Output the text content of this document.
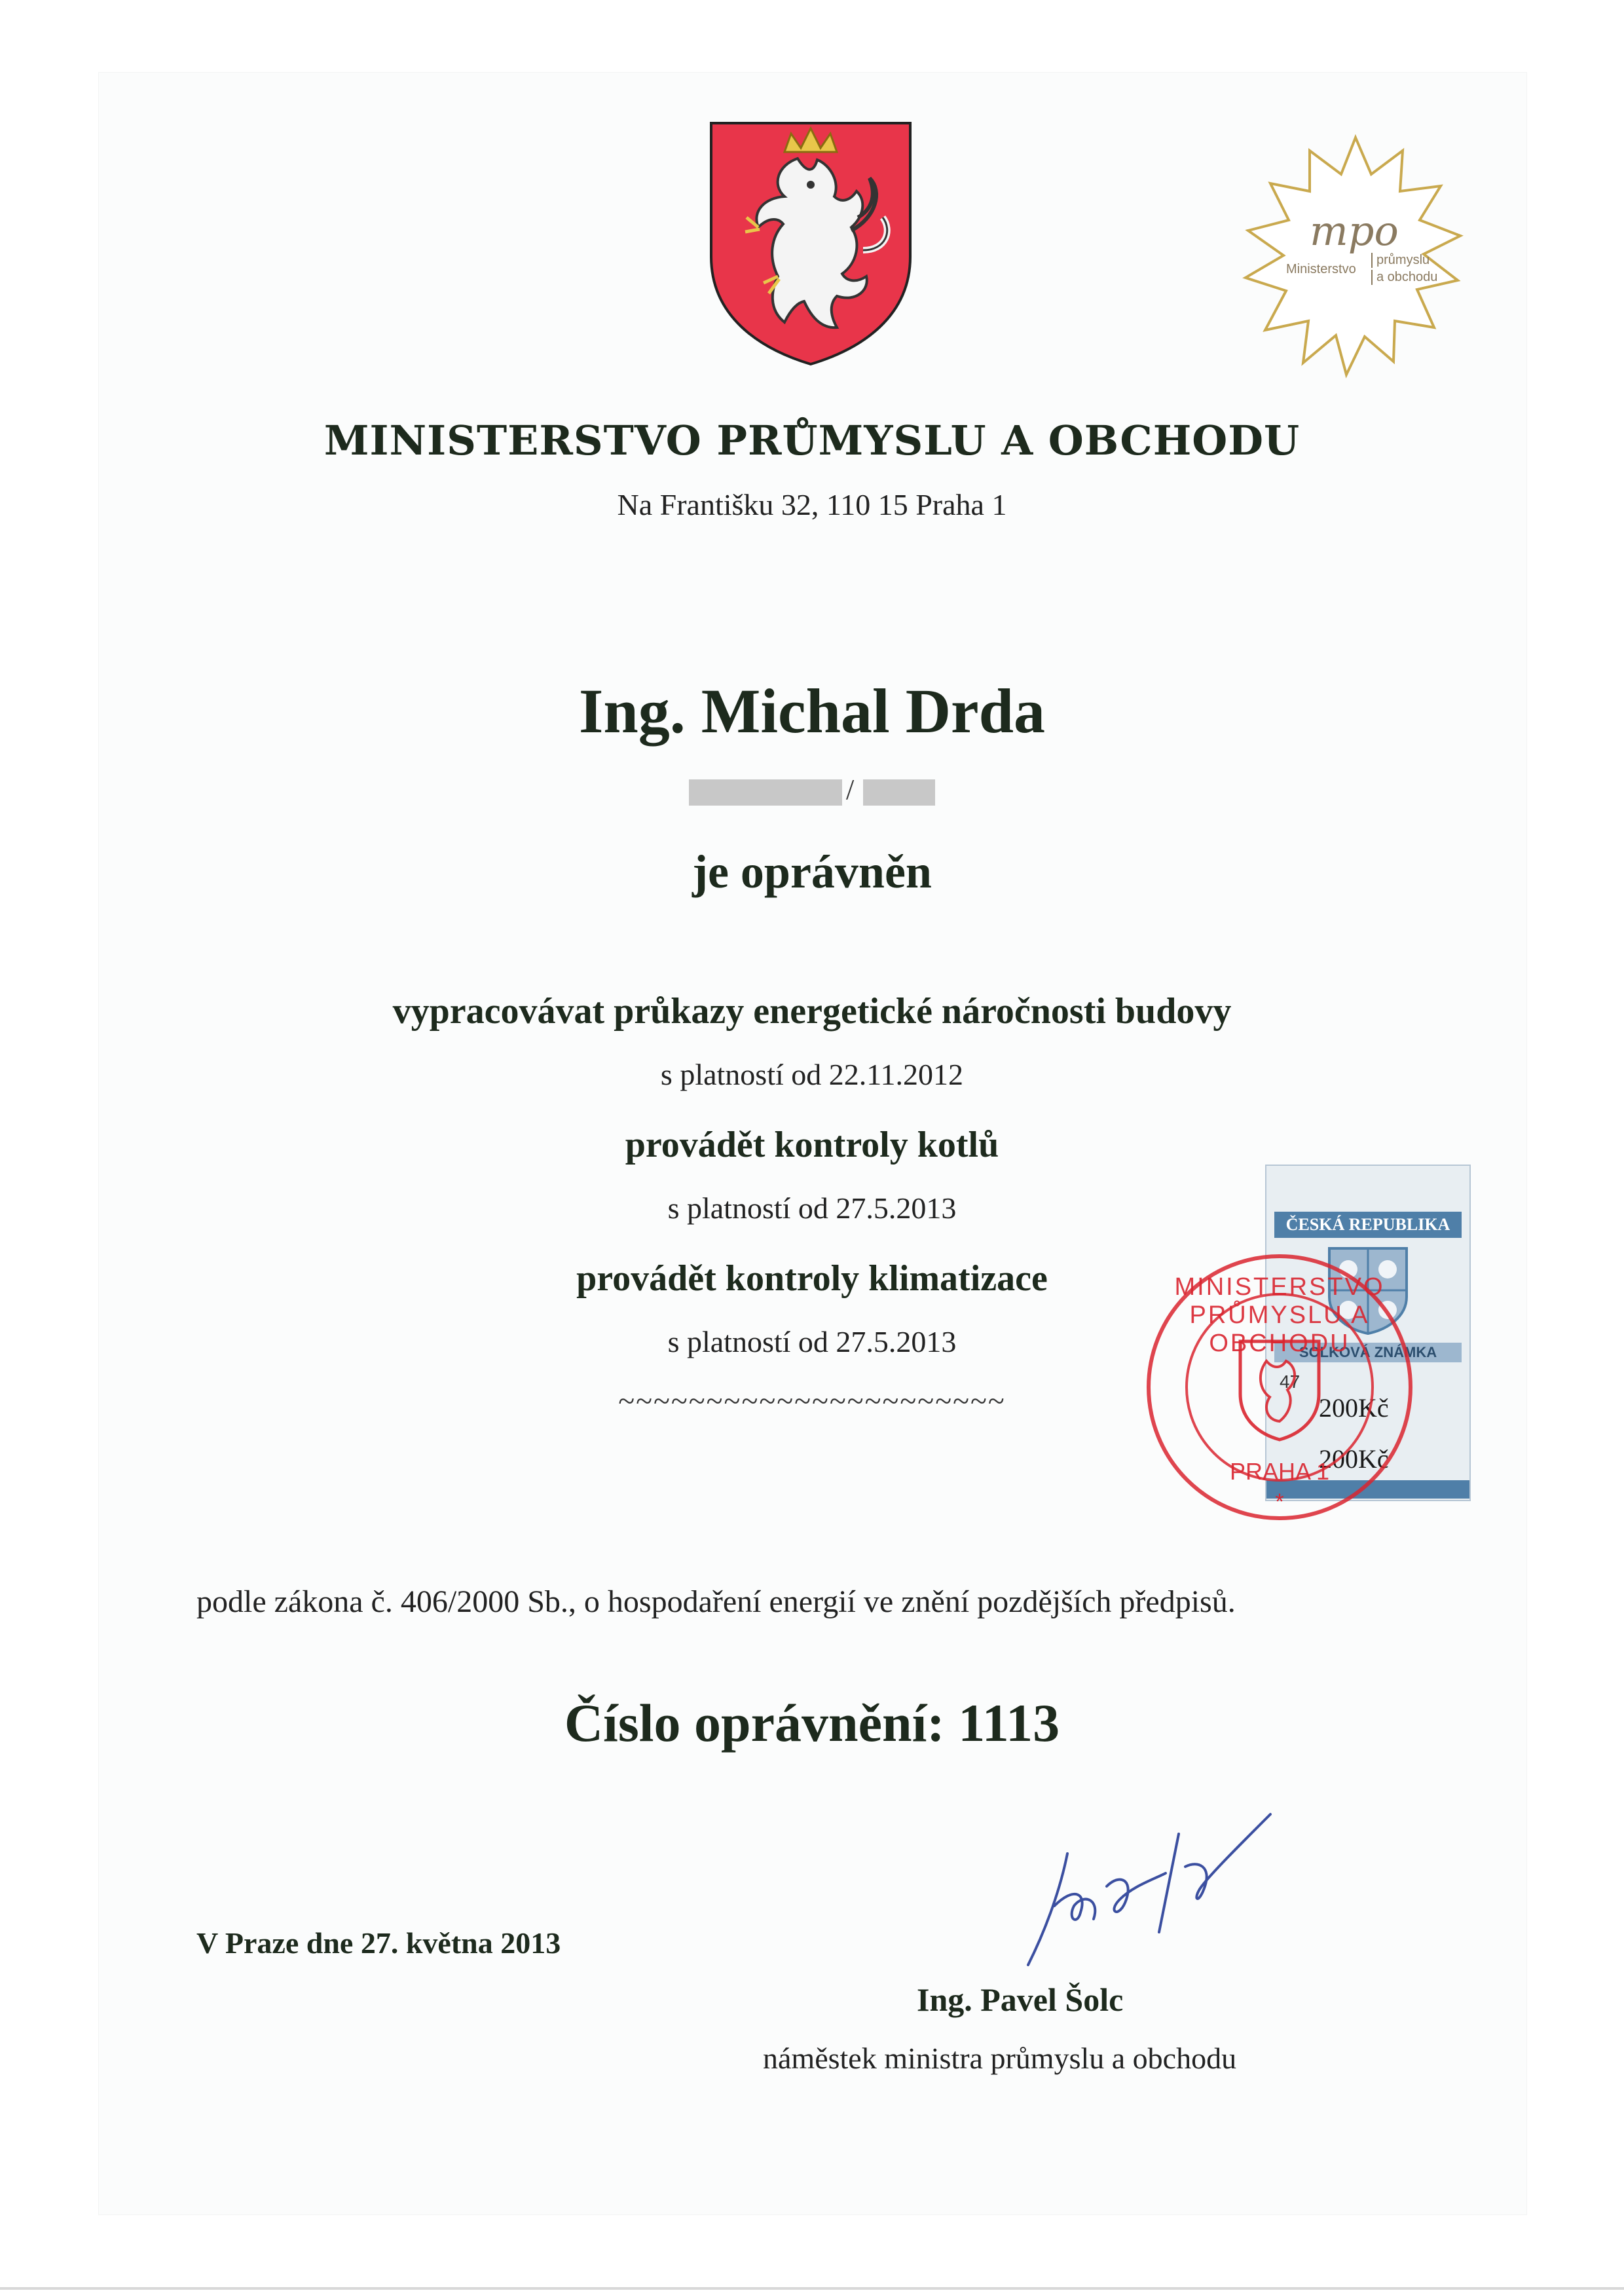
mpo
Ministerstvo
průmyslu
a obchodu
MINISTERSTVO PRŮMYSLU A OBCHODU
Na Františku 32, 110 15 Praha 1
Ing. Michal Drda
/
je oprávněn
vypracovávat průkazy energetické náročnosti budovy
s platností od 22.11.2012
provádět kontroly kotlů
s platností od 27.5.2013
provádět kontroly klimatizace
s platností od 27.5.2013
~~~~~~~~~~~~~~~~~~~~~~
ČESKÁ REPUBLIKA
SOLKOVÁ ZNÁMKA
47
200Kč
200Kč
*
MINISTERSTVO PRŮMYSLU A OBCHODU
PRAHA 1
podle zákona č. 406/2000 Sb., o hospodaření energií ve znění pozdějších předpisů.
Číslo oprávnění: 1113
V Praze dne 27. května 2013
Ing. Pavel Šolc
náměstek ministra průmyslu a obchodu
